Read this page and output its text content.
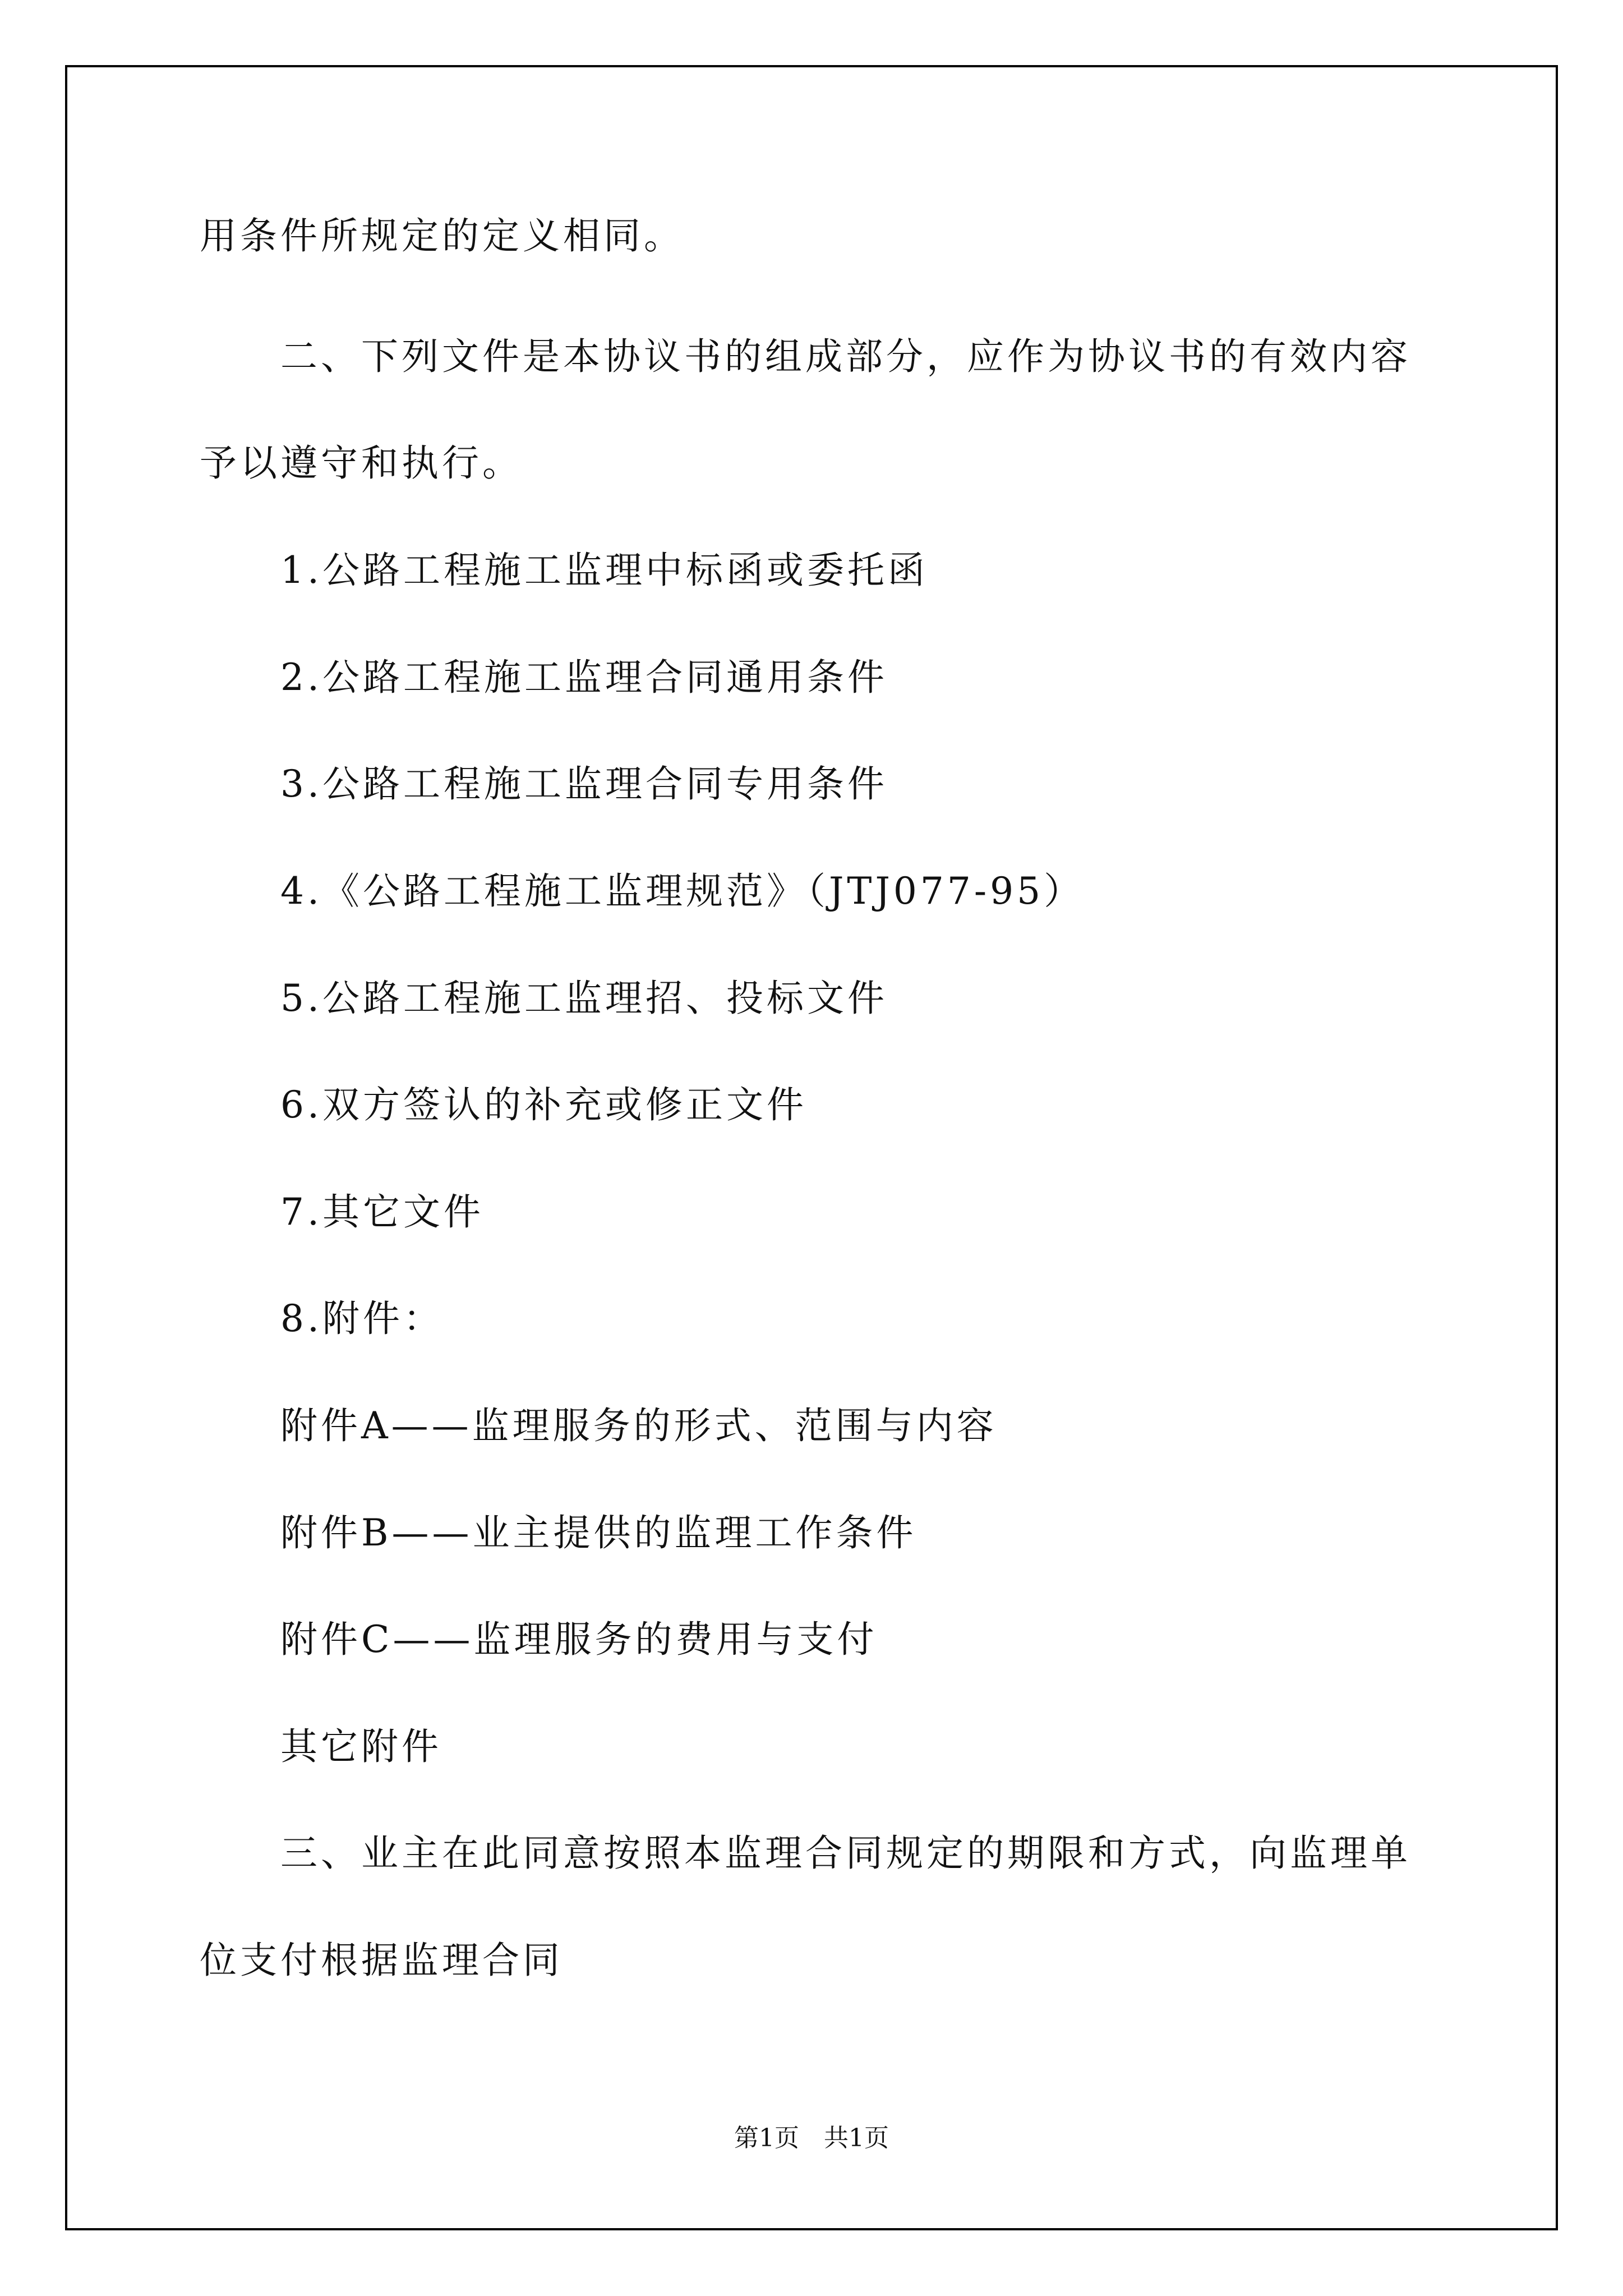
用条件所规定的定义相同。

二、下列文件是本协议书的组成部分，应作为协议书的有效内容

予以遵守和执行。

1.公路工程施工监理中标函或委托函

2.公路工程施工监理合同通用条件

3.公路工程施工监理合同专用条件

4.《公路工程施工监理规范》（JTJ077-95）

5.公路工程施工监理招、投标文件

6.双方签认的补充或修正文件

7.其它文件

8.附件：

附件A——监理服务的形式、范围与内容

附件B——业主提供的监理工作条件

附件C——监理服务的费用与支付

其它附件

三、业主在此同意按照本监理合同规定的期限和方式，向监理单

位支付根据监理合同

第1页　共1页
